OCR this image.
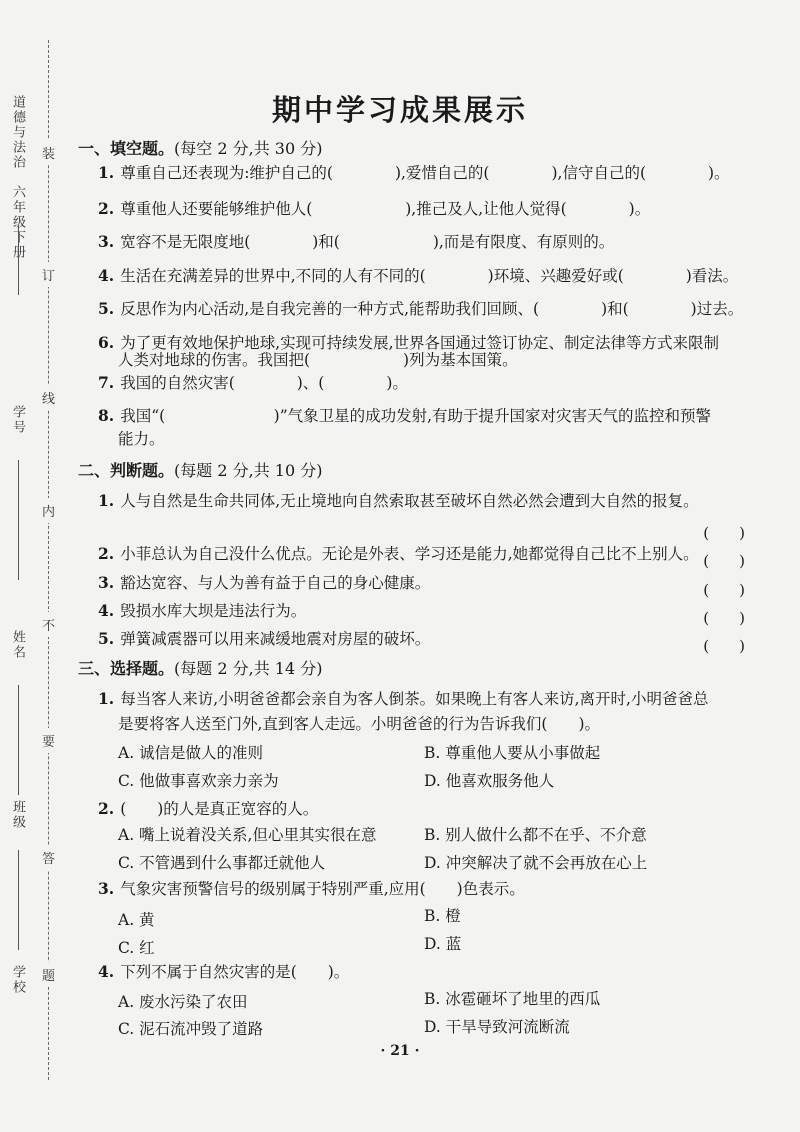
道德与法治　六年级下册
学号
姓名
班级
学校
装
订
线
内
不
要
答
题
期中学习成果展示
一、填空题。(每空 2 分,共 30 分)
1. 尊重自己还表现为:维护自己的(　　　　),爱惜自己的(　　　　),信守自己的(　　　　)。
2. 尊重他人还要能够维护他人(　　　　　　),推己及人,让他人觉得(　　　　)。
3. 宽容不是无限度地(　　　　)和(　　　　　　),而是有限度、有原则的。
4. 生活在充满差异的世界中,不同的人有不同的(　　　　)环境、兴趣爱好或(　　　　)看法。
5. 反思作为内心活动,是自我完善的一种方式,能帮助我们回顾、(　　　　)和(　　　　)过去。
6. 为了更有效地保护地球,实现可持续发展,世界各国通过签订协定、制定法律等方式来限制
人类对地球的伤害。我国把(　　　　　　)列为基本国策。
7. 我国的自然灾害(　　　　)、(　　　　)。
8. 我国“(　　　　　　　)”气象卫星的成功发射,有助于提升国家对灾害天气的监控和预警
能力。
二、判断题。(每题 2 分,共 10 分)
1. 人与自然是生命共同体,无止境地向自然索取甚至破坏自然必然会遭到大自然的报复。
(　　)
2. 小菲总认为自己没什么优点。无论是外表、学习还是能力,她都觉得自己比不上别人。 (　　)
3. 豁达宽容、与人为善有益于自己的身心健康。	(　　)
4. 毁损水库大坝是违法行为。	(　　)
5. 弹簧减震器可以用来减缓地震对房屋的破坏。	(　　)
三、选择题。(每题 2 分,共 14 分)
1. 每当客人来访,小明爸爸都会亲自为客人倒茶。如果晚上有客人来访,离开时,小明爸爸总
是要将客人送至门外,直到客人走远。小明爸爸的行为告诉我们(　　)。
A. 诚信是做人的准则	B. 尊重他人要从小事做起
C. 他做事喜欢亲力亲为	D. 他喜欢服务他人
2. (　　)的人是真正宽容的人。
A. 嘴上说着没关系,但心里其实很在意	B. 别人做什么都不在乎、不介意
C. 不管遇到什么事都迁就他人	D. 冲突解决了就不会再放在心上
3. 气象灾害预警信号的级别属于特别严重,应用(　　)色表示。
A. 黄	B. 橙
C. 红	D. 蓝
4. 下列不属于自然灾害的是(　　)。
A. 废水污染了农田	B. 冰雹砸坏了地里的西瓜
C. 泥石流冲毁了道路	D. 干旱导致河流断流
· 21 ·
